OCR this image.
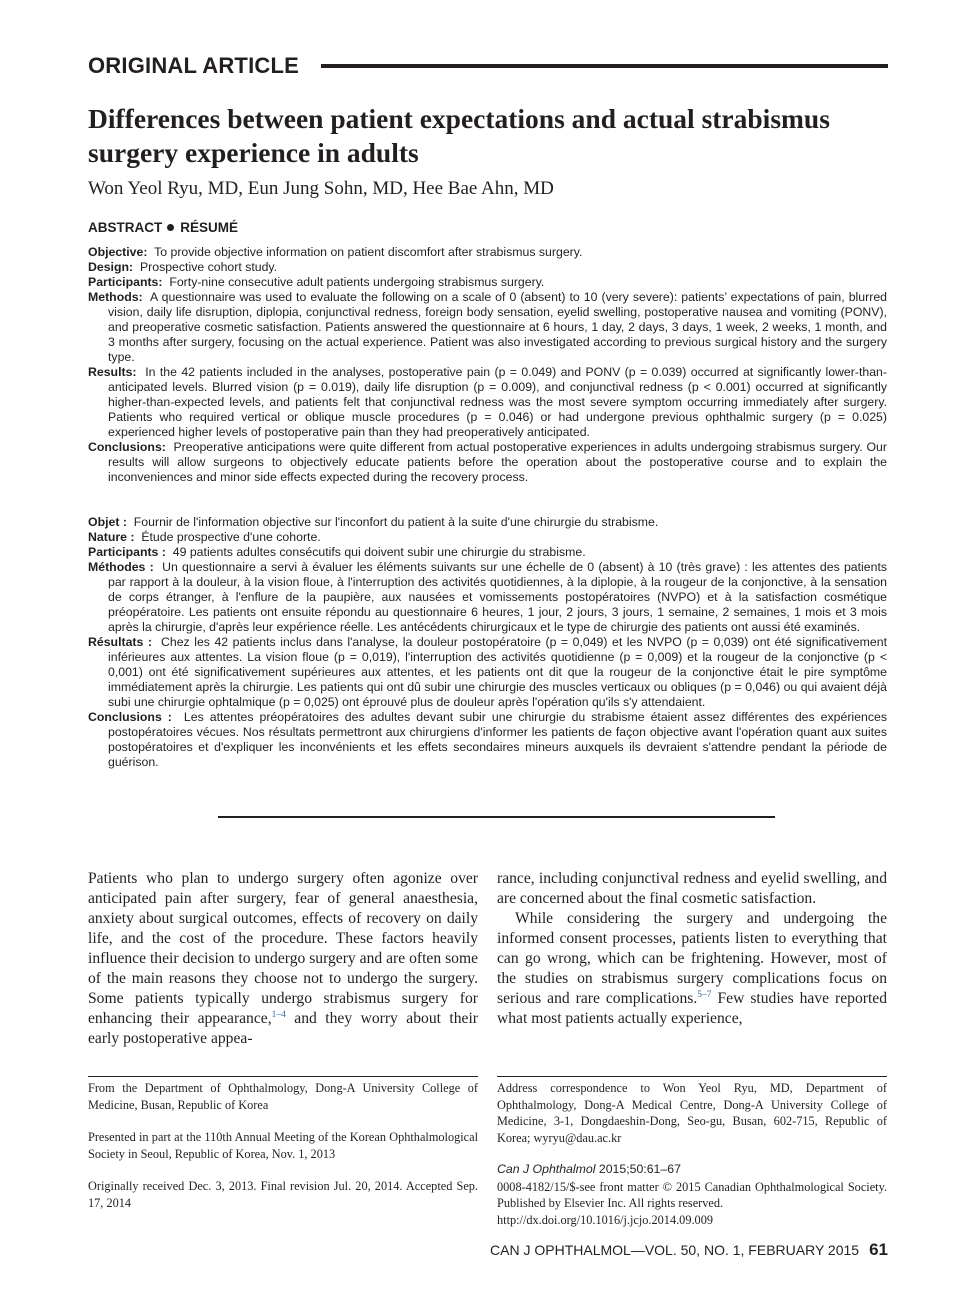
ORIGINAL ARTICLE
Differences between patient expectations and actual strabismus surgery experience in adults
Won Yeol Ryu, MD, Eun Jung Sohn, MD, Hee Bae Ahn, MD
ABSTRACT RÉSUMÉ

Objective: To provide objective information on patient discomfort after strabismus surgery.

Design: Prospective cohort study.

Participants: Forty-nine consecutive adult patients undergoing strabismus surgery.

Methods: A questionnaire was used to evaluate the following on a scale of 0 (absent) to 10 (very severe): patients’ expectations of pain, blurred vision, daily life disruption, diplopia, conjunctival redness, foreign body sensation, eyelid swelling, postoperative nausea and vomiting (PONV), and preoperative cosmetic satisfaction. Patients answered the questionnaire at 6 hours, 1 day, 2 days, 3 days, 1 week, 2 weeks, 1 month, and 3 months after surgery, focusing on the actual experience. Patient was also investigated according to previous surgical history and the surgery type.

Results: In the 42 patients included in the analyses, postoperative pain (p = 0.049) and PONV (p = 0.039) occurred at significantly lower-than-anticipated levels. Blurred vision (p = 0.019), daily life disruption (p = 0.009), and conjunctival redness (p < 0.001) occurred at significantly higher-than-expected levels, and patients felt that conjunctival redness was the most severe symptom occurring immediately after surgery. Patients who required vertical or oblique muscle procedures (p = 0.046) or had undergone previous ophthalmic surgery (p = 0.025) experienced higher levels of postoperative pain than they had preoperatively anticipated.

Conclusions: Preoperative anticipations were quite different from actual postoperative experiences in adults undergoing strabismus surgery. Our results will allow surgeons to objectively educate patients before the operation about the postoperative course and to explain the inconveniences and minor side effects expected during the recovery process.

Objet : Fournir de l'information objective sur l'inconfort du patient à la suite d'une chirurgie du strabisme.

Nature : Étude prospective d'une cohorte.

Participants : 49 patients adultes consécutifs qui doivent subir une chirurgie du strabisme.

Méthodes : Un questionnaire a servi à évaluer les éléments suivants sur une échelle de 0 (absent) à 10 (très grave) : les attentes des patients par rapport à la douleur, à la vision floue, à l'interruption des activités quotidiennes, à la diplopie, à la rougeur de la conjonctive, à la sensation de corps étranger, à l'enflure de la paupière, aux nausées et vomissements postopératoires (NVPO) et à la satisfaction cosmétique préopératoire. Les patients ont ensuite répondu au questionnaire 6 heures, 1 jour, 2 jours, 3 jours, 1 semaine, 2 semaines, 1 mois et 3 mois après la chirurgie, d'après leur expérience réelle. Les antécédents chirurgicaux et le type de chirurgie des patients ont aussi été examinés.

Résultats : Chez les 42 patients inclus dans l'analyse, la douleur postopératoire (p = 0,049) et les NVPO (p = 0,039) ont été significativement inférieures aux attentes. La vision floue (p = 0,019), l'interruption des activités quotidienne (p = 0,009) et la rougeur de la conjonctive (p < 0,001) ont été significativement supérieures aux attentes, et les patients ont dit que la rougeur de la conjonctive était le pire symptôme immédiatement après la chirurgie. Les patients qui ont dû subir une chirurgie des muscles verticaux ou obliques (p = 0,046) ou qui avaient déjà subi une chirurgie ophtalmique (p = 0,025) ont éprouvé plus de douleur après l'opération qu'ils s'y attendaient.

Conclusions : Les attentes préopératoires des adultes devant subir une chirurgie du strabisme étaient assez différentes des expériences postopératoires vécues. Nos résultats permettront aux chirurgiens d'informer les patients de façon objective avant l'opération quant aux suites postopératoires et d'expliquer les inconvénients et les effets secondaires mineurs auxquels ils devraient s'attendre pendant la période de guérison.

Patients who plan to undergo surgery often agonize over anticipated pain after surgery, fear of general anaesthesia, anxiety about surgical outcomes, effects of recovery on daily life, and the cost of the procedure. These factors heavily influence their decision to undergo surgery and are often some of the main reasons they choose not to undergo the surgery. Some patients typically undergo strabismus surgery for enhancing their appearance,$^{1-4}$ and they worry about their early postoperative appea-

rance, including conjunctival redness and eyelid swelling, and are concerned about the final cosmetic satisfaction.

While considering the surgery and undergoing the informed consent processes, patients listen to everything that can go wrong, which can be frightening. However, most of the studies on strabismus surgery complications focus on serious and rare complications.$^{5-7}$ Few studies have reported what most patients actually experience,

From the Department of Ophthalmology, Dong-A University College of Medicine, Busan, Republic of Korea

Presented in part at the 110th Annual Meeting of the Korean Ophthalmological Society in Seoul, Republic of Korea, Nov. 1, 2013

Originally received Dec. 3, 2013. Final revision Jul. 20, 2014. Accepted Sep. 17, 2014

Address correspondence to Won Yeol Ryu, MD, Department of Ophthalmology, Dong-A Medical Centre, Dong-A University College of Medicine, 3-1, Dongdaeshin-Dong, Seo-gu, Busan, 602-715, Republic of Korea; wyryu@dau.ac.kr

Can J Ophthalmol 2015;50:61–67

0008-4182/15/$-see front matter © 2015 Canadian Ophthalmological Society. Published by Elsevier Inc. All rights reserved.

http://dx.doi.org/10.1016/j.jcjo.2014.09.009

CAN J OPHTHALMOL—VOL. 50, NO. 1, FEBRUARY 2015 61
